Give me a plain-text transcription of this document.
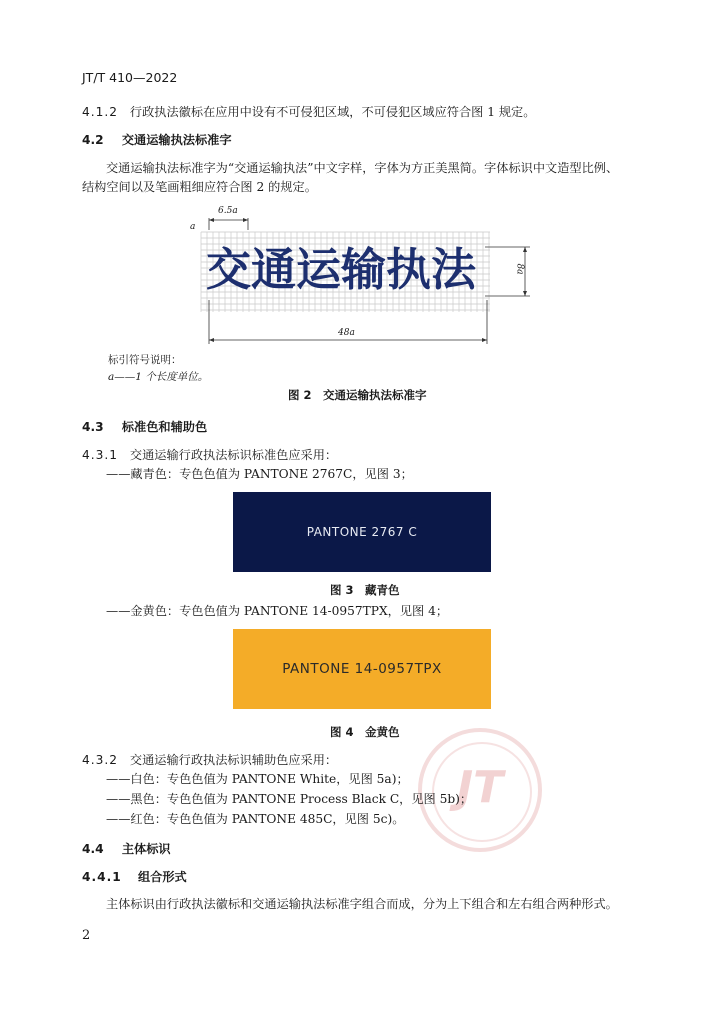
JT
JT/T 410—2022
4.1.2 行政执法徽标在应用中设有不可侵犯区域，不可侵犯区域应符合图 1 规定。
4.2 交通运输执法标准字
交通运输执法标准字为“交通运输执法”中文字样，字体为方正美黑简。字体标识中文造型比例、
结构空间以及笔画粗细应符合图 2 的规定。
6.5a
a
8a
48a
交通运输执法
标引符号说明：
a——1 个长度单位。
图 2　交通运输执法标准字
4.3 标准色和辅助色
4.3.1 交通运输行政执法标识标准色应采用：
——藏青色：专色色值为 PANTONE 2767C，见图 3；
PANTONE 2767 C
图 3　藏青色
——金黄色：专色色值为 PANTONE 14-0957TPX，见图 4；
PANTONE 14-0957TPX
图 4　金黄色
4.3.2 交通运输行政执法标识辅助色应采用：
——白色：专色色值为 PANTONE White，见图 5a)；
——黑色：专色色值为 PANTONE Process Black C，见图 5b)；
——红色：专色色值为 PANTONE 485C，见图 5c)。
4.4 主体标识
4.4.1 组合形式
主体标识由行政执法徽标和交通运输执法标准字组合而成，分为上下组合和左右组合两种形式。
2
